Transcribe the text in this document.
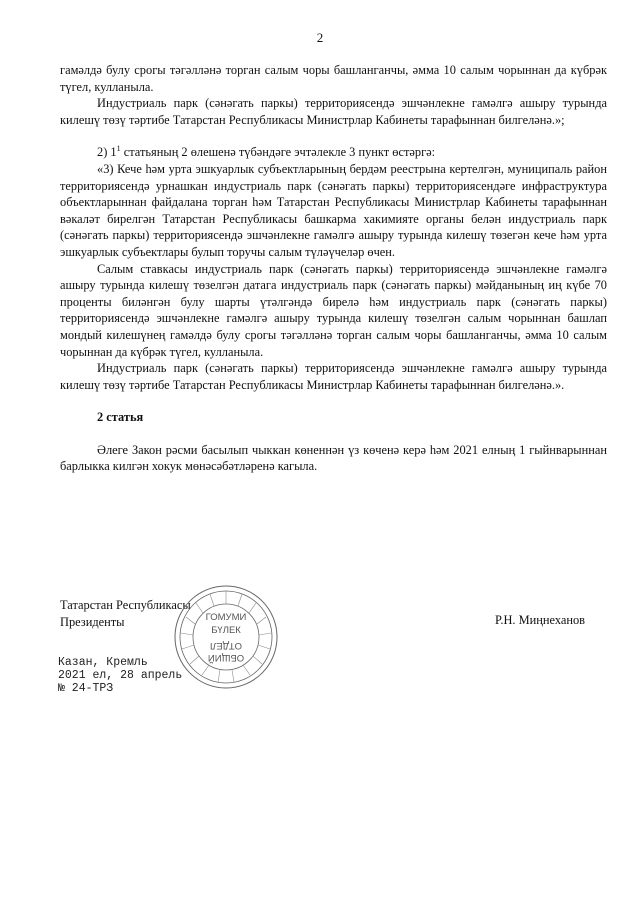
2

гамәлдә булу срогы тәгәлләнә торган салым чоры башланганчы, әмма 10 салым чорыннан да күбрәк түгел, кулланыла.

Индустриаль парк (сәнәгать паркы) территориясендә эшчәнлекне гамәлгә ашыру турында килешү төзү тәртибе Татарстан Республикасы Министрлар Кабинеты тарафыннан билгеләнә.»;

2) $1^1$ статьяның 2 өлешенә түбәндәге эчтәлекле 3 пункт өстәргә:

«3) Кече һәм урта эшкуарлык субъектларының бердәм реестрына кертелгән, муниципаль район территориясендә урнашкан индустриаль парк (сәнәгать паркы) территориясендәге инфраструктура объектларыннан файдалана торган һәм Татарстан Республикасы Министрлар Кабинеты тарафыннан вәкаләт бирелгән Татарстан Республикасы башкарма хакимияте органы белән индустриаль парк (сәнәгать паркы) территориясендә эшчәнлекне гамәлгә ашыру турында килешү төзегән кече һәм урта эшкуарлык субъектлары булып торучы салым түләүчеләр өчен.

Салым ставкасы индустриаль парк (сәнәгать паркы) территориясендә эшчәнлекне гамәлгә ашыру турында килешү төзелгән датага индустриаль парк (сәнәгать паркы) мәйданының иң күбе 70 проценты биләнгән булу шарты үтәлгәндә бирелә һәм индустриаль парк (сәнәгать паркы) территориясендә эшчәнлекне гамәлгә ашыру турында килешү төзелгән салым чорыннан башлап мондый килешүнең гамәлдә булу срогы тәгәлләнә торган салым чоры башланганчы, әмма 10 салым чорыннан да күбрәк түгел, кулланыла.

Индустриаль парк (сәнәгать паркы) территориясендә эшчәнлекне гамәлгә ашыру турында килешү төзү тәртибе Татарстан Республикасы Министрлар Кабинеты тарафыннан билгеләнә.».

2 статья

Әлеге Закон рәсми басылып чыккан көненнән үз көченә керә һәм 2021 елның 1 гыйнварыннан барлыкка килгән хокук мөнәсәбәтләренә кагыла.

Татарстан Республикасы
Президенты	Р.Н. Миңнеханов
ГОМУМИ
БҮЛЕК
ОТДЕЛ
ОБЩИЙ
Казан, Кремль
2021 ел, 28 апрель
№ 24-ТРЗ
